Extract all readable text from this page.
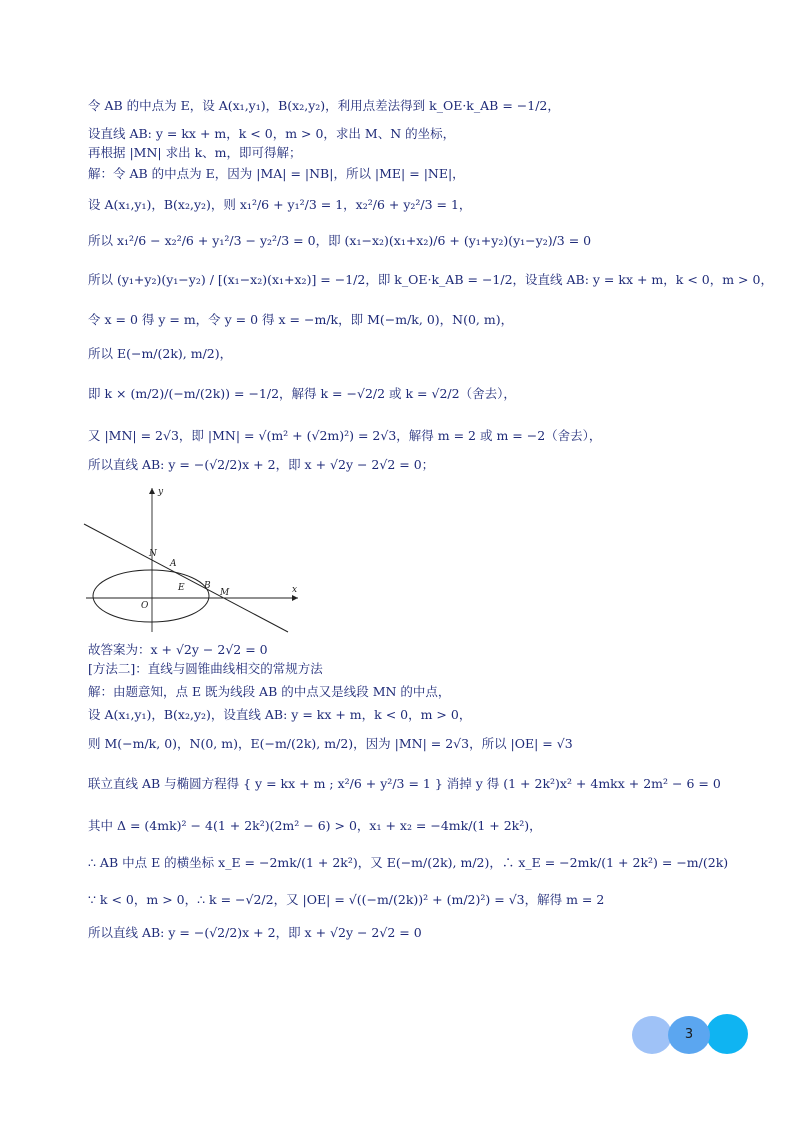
令 AB 的中点为 E，设 A(x₁,y₁)，B(x₂,y₂)，利用点差法得到 k_OE·k_AB = −1/2，
设直线 AB: y = kx + m，k < 0，m > 0，求出 M、N 的坐标，
再根据 |MN| 求出 k、m，即可得解；
解：令 AB 的中点为 E，因为 |MA| = |NB|，所以 |ME| = |NE|，
设 A(x₁,y₁)，B(x₂,y₂)，则 x₁²/6 + y₁²/3 = 1，x₂²/6 + y₂²/3 = 1，
所以 x₁²/6 − x₂²/6 + y₁²/3 − y₂²/3 = 0，即 (x₁−x₂)(x₁+x₂)/6 + (y₁+y₂)(y₁−y₂)/3 = 0
所以 (y₁+y₂)(y₁−y₂) / [(x₁−x₂)(x₁+x₂)] = −1/2，即 k_OE·k_AB = −1/2，设直线 AB: y = kx + m，k < 0，m > 0，
令 x = 0 得 y = m，令 y = 0 得 x = −m/k，即 M(−m/k, 0)，N(0, m)，
所以 E(−m/(2k), m/2)，
即 k × (m/2)/(−m/(2k)) = −1/2，解得 k = −√2/2 或 k = √2/2（舍去），
又 |MN| = 2√3，即 |MN| = √(m² + (√2m)²) = 2√3，解得 m = 2 或 m = −2（舍去），
所以直线 AB: y = −(√2/2)x + 2，即 x + √2y − 2√2 = 0；
y
x
N
A
E B
M
O
故答案为：x + √2y − 2√2 = 0
[方法二]：直线与圆锥曲线相交的常规方法
解：由题意知，点 E 既为线段 AB 的中点又是线段 MN 的中点，
设 A(x₁,y₁)，B(x₂,y₂)，设直线 AB: y = kx + m，k < 0，m > 0，
则 M(−m/k, 0)，N(0, m)，E(−m/(2k), m/2)，因为 |MN| = 2√3，所以 |OE| = √3
联立直线 AB 与椭圆方程得 { y = kx + m ; x²/6 + y²/3 = 1 } 消掉 y 得 (1 + 2k²)x² + 4mkx + 2m² − 6 = 0
其中 Δ = (4mk)² − 4(1 + 2k²)(2m² − 6) > 0，x₁ + x₂ = −4mk/(1 + 2k²)，
∴ AB 中点 E 的横坐标 x_E = −2mk/(1 + 2k²)，又 E(−m/(2k), m/2)，∴ x_E = −2mk/(1 + 2k²) = −m/(2k)
∵ k < 0，m > 0，∴ k = −√2/2，又 |OE| = √((−m/(2k))² + (m/2)²) = √3，解得 m = 2
所以直线 AB: y = −(√2/2)x + 2，即 x + √2y − 2√2 = 0
3
